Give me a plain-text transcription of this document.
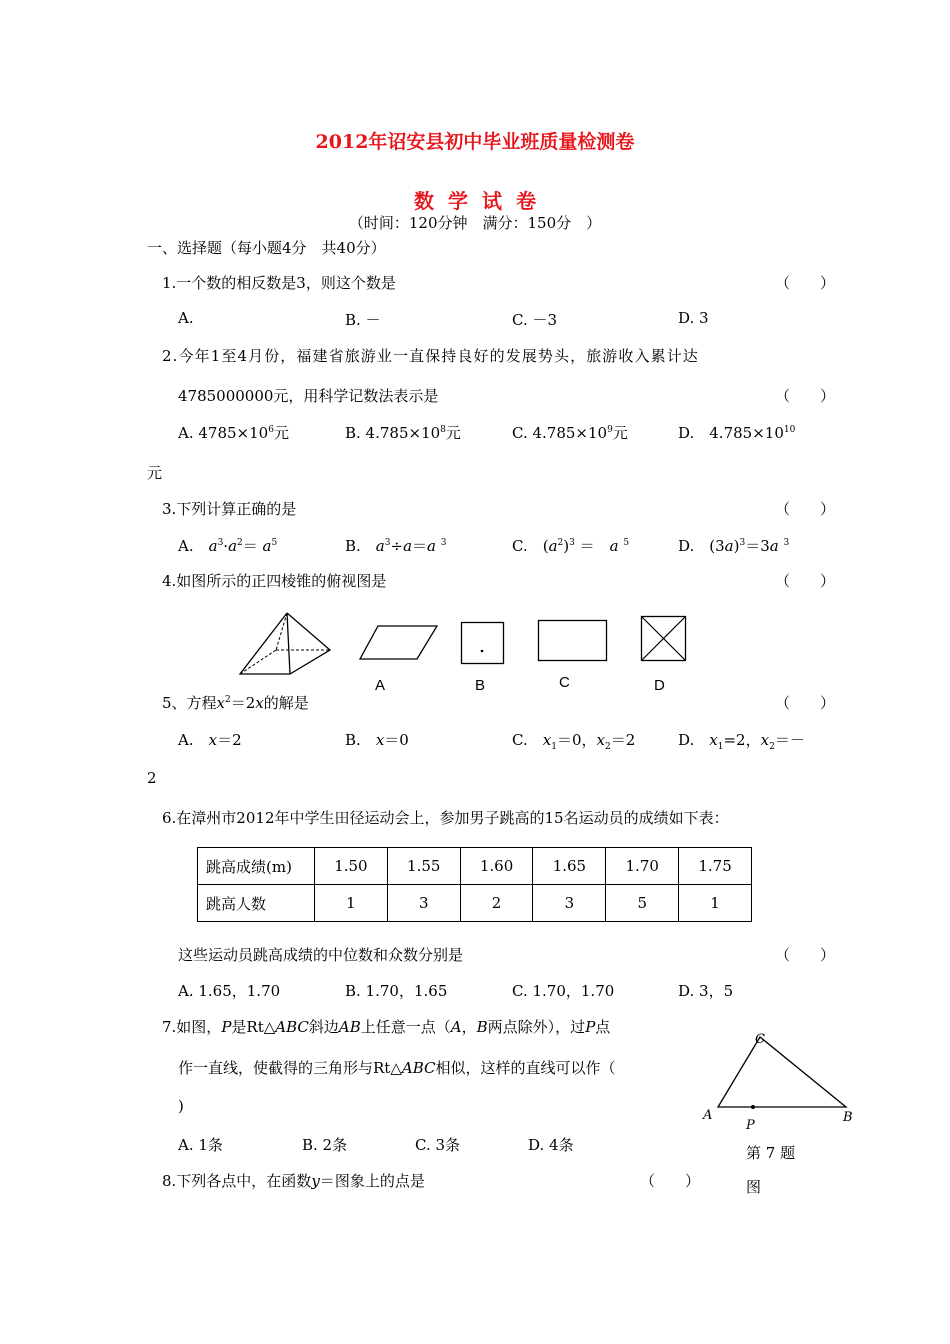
2012年诏安县初中毕业班质量检测卷
数学试卷
（时间：120分钟　满分：150分　）
一、选择题（每小题4分　共40分）
1.一个数的相反数是3，则这个数是	（　　）
A.	B. －	C. －3	D. 3
2.今年1至4月份，福建省旅游业一直保持良好的发展势头，旅游收入累计达
4785000000元，用科学记数法表示是	（　　）
A. $4785\times 10^6$元	B. $4.785\times 10^8$元	C. $4.785\times 10^9$元	D.　$4.785\times 10^{10}$
元
3.下列计算正确的是	（　　）
A.　$a^3\cdot a^2= a^5$	B.　$a^3\div a=a$ $^3$	C.　$(a^2)^3$ ＝　a $^5$	D.　$(3a)^3=3a$ $^3$
4.如图所示的正四棱锥的俯视图是	（　　）
A	B	C	D
5、方程$x^2=2x$的解是	（　　）
A.　 x＝2	B.　 x＝0	C.　 $x_1=0$，$x_2=2$	D.　 $x_1=2$，$x_2=-$
2
6.在漳州市2012年中学生田径运动会上，参加男子跳高的15名运动员的成绩如下表：
跳高成绩(m)	1.50	1.55	1.60	1.65	1.70	1.75
跳高人数	1	3	2	3	5	1
这些运动员跳高成绩的中位数和众数分别是	（　　）
A. 1.65，1.70	B. 1.70，1.65	C. 1.70，1.70	D. 3，5
7.如图，P是Rt△ABC斜边AB上任意一点（A，B两点除外），过P点
作一直线，使截得的三角形与Rt△ABC相似，这样的直线可以作（
)
A. 1条	B. 2条	C. 3条	D. 4条
C
A	B
P
第 7 题
图
8.下列各点中，在函数y＝图象上的点是	（　　）
